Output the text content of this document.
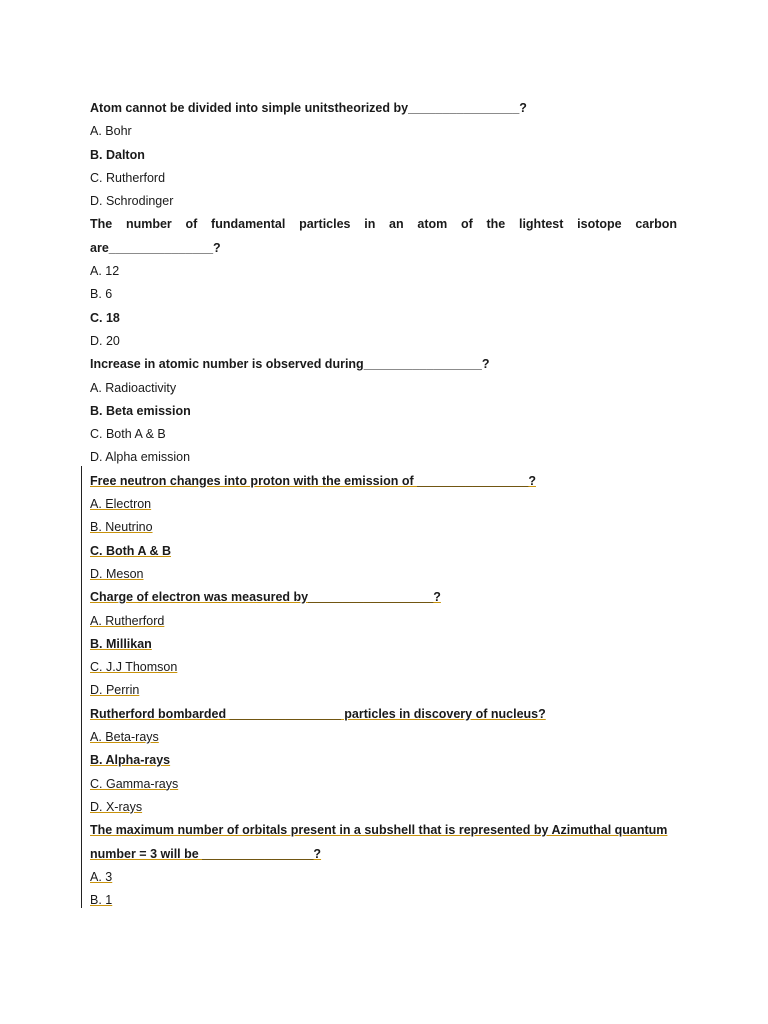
Atom cannot be divided into simple unitstheorized by________________?
A. Bohr
B. Dalton
C. Rutherford
D. Schrodinger
The number of fundamental particles in an atom of the lightest isotope carbon
are_______________?
A. 12
B. 6
C. 18
D. 20
Increase in atomic number is observed during_________________?
A. Radioactivity
B. Beta emission
C. Both A & B
D. Alpha emission
Free neutron changes into proton with the emission of ________________?
A. Electron
B. Neutrino
C. Both A & B
D. Meson
Charge of electron was measured by__________________?
A. Rutherford
B. Millikan
C. J.J Thomson
D. Perrin
Rutherford bombarded ________________ particles in discovery of nucleus?
A. Beta-rays
B. Alpha-rays
C. Gamma-rays
D. X-rays
The maximum number of orbitals present in a subshell that is represented by Azimuthal quantum
number = 3 will be ________________?
A. 3
B. 1
